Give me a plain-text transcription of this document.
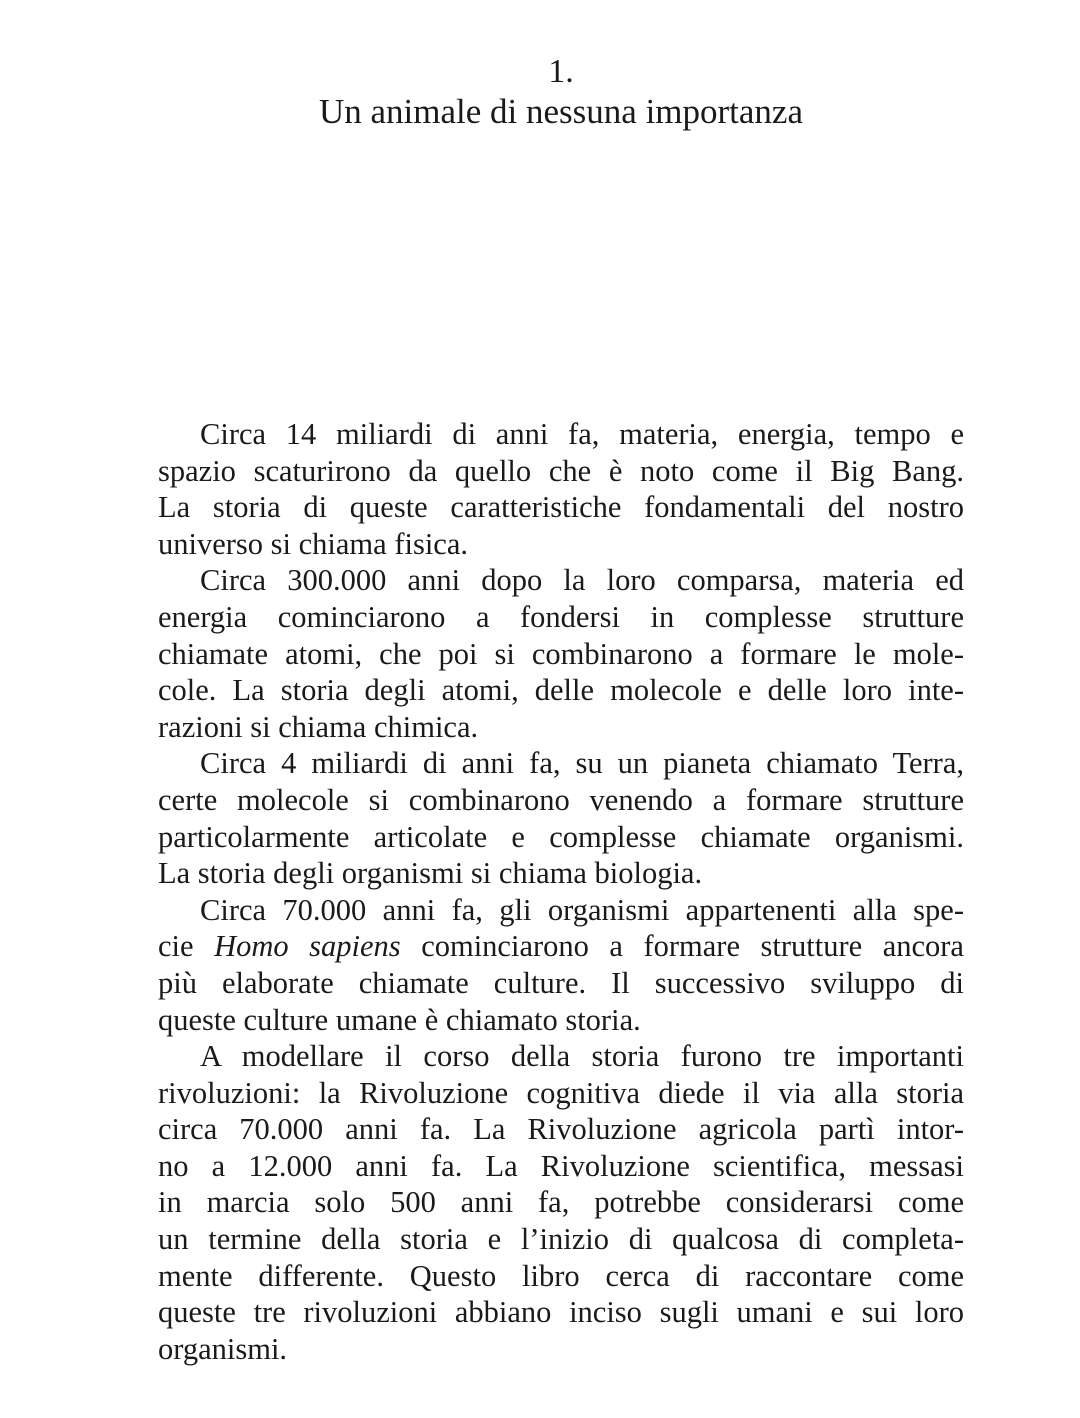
1.
Un animale di nessuna importanza
Circa 14 miliardi di anni fa, materia, energia, tempo e
spazio scaturirono da quello che è noto come il Big Bang.
La storia di queste caratteristiche fondamentali del nostro
universo si chiama fisica.
Circa 300.000 anni dopo la loro comparsa, materia ed
energia cominciarono a fondersi in complesse strutture
chiamate atomi, che poi si combinarono a formare le mole-
cole. La storia degli atomi, delle molecole e delle loro inte-
razioni si chiama chimica.
Circa 4 miliardi di anni fa, su un pianeta chiamato Terra,
certe molecole si combinarono venendo a formare strutture
particolarmente articolate e complesse chiamate organismi.
La storia degli organismi si chiama biologia.
Circa 70.000 anni fa, gli organismi appartenenti alla spe-
cie Homo sapiens cominciarono a formare strutture ancora
più elaborate chiamate culture. Il successivo sviluppo di
queste culture umane è chiamato storia.
A modellare il corso della storia furono tre importanti
rivoluzioni: la Rivoluzione cognitiva diede il via alla storia
circa 70.000 anni fa. La Rivoluzione agricola partì intor-
no a 12.000 anni fa. La Rivoluzione scientifica, messasi
in marcia solo 500 anni fa, potrebbe considerarsi come
un termine della storia e l’inizio di qualcosa di completa-
mente differente. Questo libro cerca di raccontare come
queste tre rivoluzioni abbiano inciso sugli umani e sui loro
organismi.
